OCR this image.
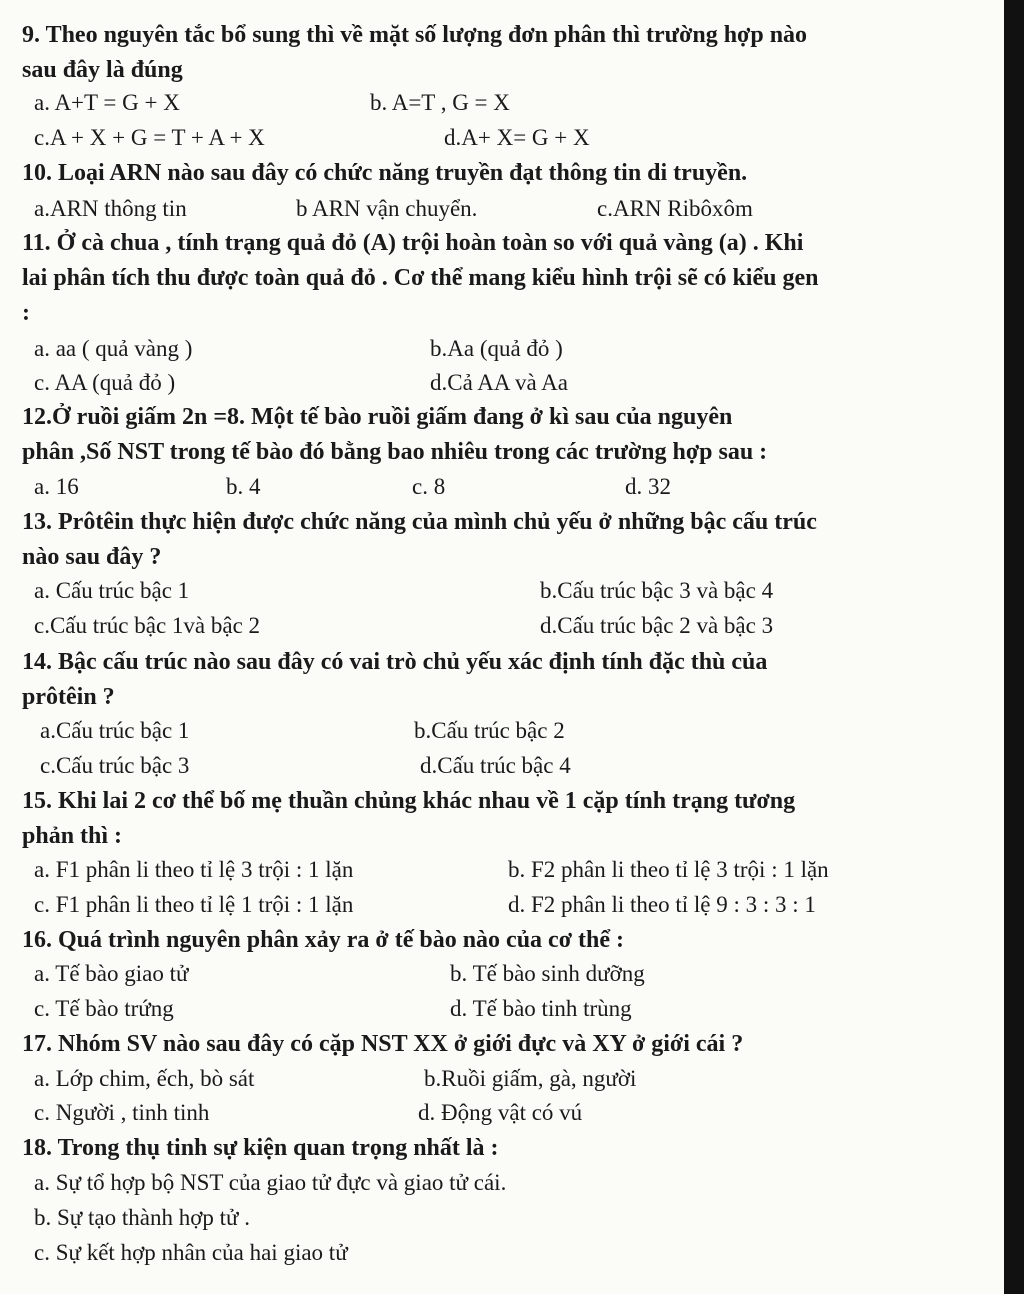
9. Theo nguyên tắc bổ sung thì về mặt số lượng đơn phân thì trường hợp nào
sau đây là đúng
a. A+T = G + X	b. A=T , G = X
c.A + X + G = T + A + X	d.A+ X= G + X
10. Loại ARN nào sau đây có chức năng truyền đạt thông tin di truyền.
a.ARN thông tin	b ARN vận chuyển.	c.ARN Ribôxôm
11. Ở cà chua , tính trạng quả đỏ (A) trội hoàn toàn so với quả vàng (a) . Khi
lai phân tích thu được toàn quả đỏ . Cơ thể mang kiểu hình trội sẽ có kiểu gen
:
a. aa ( quả vàng )	b.Aa (quả đỏ )
c. AA (quả đỏ )	d.Cả AA và Aa
12.Ở ruồi giấm 2n =8. Một tế bào ruồi giấm đang ở kì sau của nguyên
phân ,Số NST trong tế bào đó bằng bao nhiêu trong các trường hợp sau :
a. 16	b. 4	c. 8	d. 32
13. Prôtêin thực hiện được chức năng của mình chủ yếu ở những bậc cấu trúc
nào sau đây ?
a. Cấu trúc bậc 1	b.Cấu trúc bậc 3 và bậc 4
c.Cấu trúc bậc 1và bậc 2	d.Cấu trúc bậc 2 và bậc 3
14. Bậc cấu trúc nào sau đây có vai trò chủ yếu xác định tính đặc thù của
prôtêin ?
a.Cấu trúc bậc 1	b.Cấu trúc bậc 2
c.Cấu trúc bậc 3	d.Cấu trúc bậc 4
15. Khi lai 2 cơ thể bố mẹ thuần chủng khác nhau về 1 cặp tính trạng tương
phản thì :
a. F1 phân li theo tỉ lệ 3 trội : 1 lặn	b. F2 phân li theo tỉ lệ 3 trội : 1 lặn
c. F1 phân li theo tỉ lệ 1 trội : 1 lặn	d. F2 phân li theo tỉ lệ 9 : 3 : 3 : 1
16. Quá trình nguyên phân xảy ra ở tế bào nào của cơ thể :
a. Tế bào giao tử	b. Tế bào sinh dưỡng
c. Tế bào trứng	d. Tế bào tinh trùng
17. Nhóm SV nào sau đây có cặp NST XX ở giới đực và XY ở giới cái ?
a. Lớp chim, ếch, bò sát	b.Ruồi giấm, gà, người
c. Người , tinh tinh	d. Động vật có vú
18. Trong thụ tinh sự kiện quan trọng nhất là :
a. Sự tổ hợp bộ NST của giao tử đực và giao tử cái.
b. Sự tạo thành hợp tử .
c. Sự kết hợp nhân của hai giao tử
